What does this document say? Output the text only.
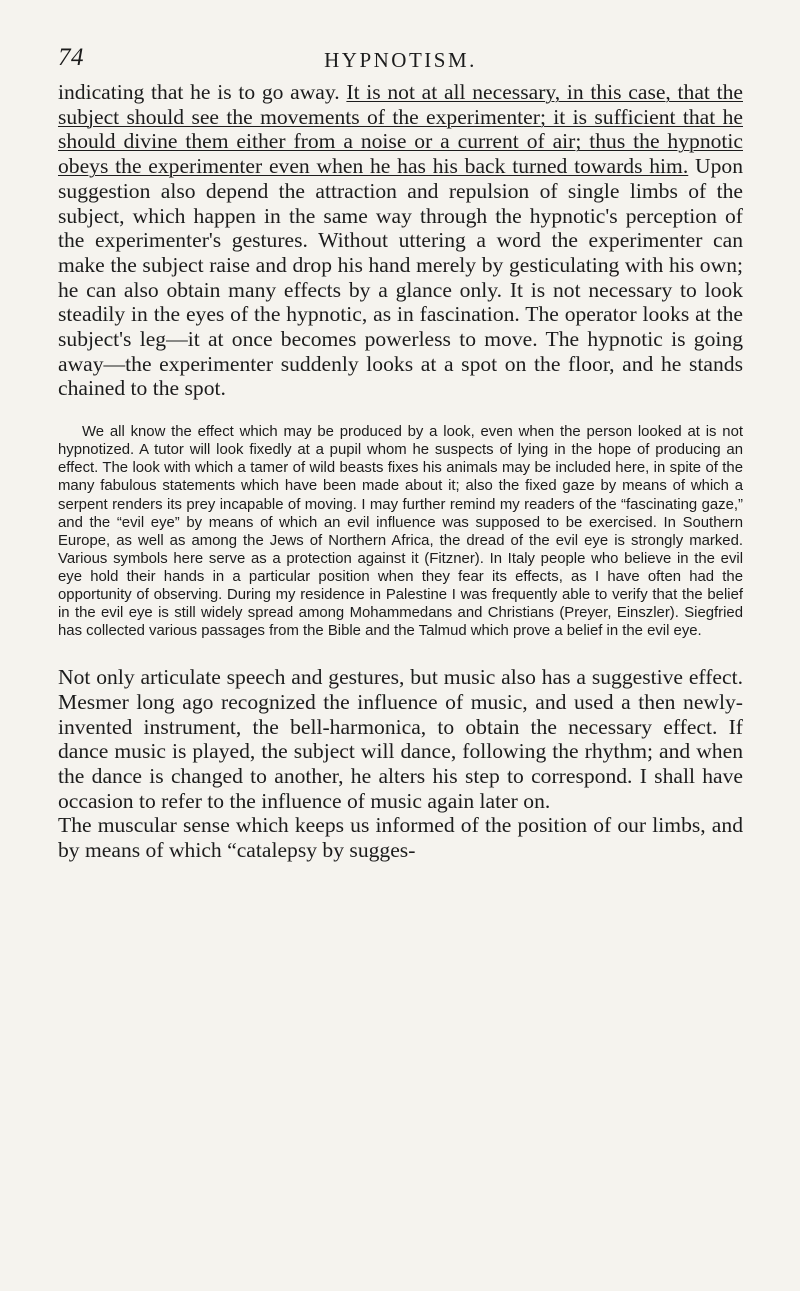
74	HYPNOTISM.

indicating that he is to go away. It is not at all necessary, in this case, that the subject should see the movements of the experimenter; it is sufficient that he should divine them either from a noise or a current of air; thus the hypnotic obeys the experimenter even when he has his back turned towards him. Upon suggestion also depend the attraction and repulsion of single limbs of the subject, which happen in the same way through the hypnotic's perception of the experimenter's gestures. Without uttering a word the experimenter can make the subject raise and drop his hand merely by gesticulating with his own; he can also obtain many effects by a glance only. It is not necessary to look steadily in the eyes of the hypnotic, as in fascination. The operator looks at the subject's leg—it at once becomes powerless to move. The hypnotic is going away—the experimenter suddenly looks at a spot on the floor, and he stands chained to the spot.

We all know the effect which may be produced by a look, even when the person looked at is not hypnotized. A tutor will look fixedly at a pupil whom he suspects of lying in the hope of producing an effect. The look with which a tamer of wild beasts fixes his animals may be included here, in spite of the many fabulous statements which have been made about it; also the fixed gaze by means of which a serpent renders its prey incapable of moving. I may further remind my readers of the “fascinating gaze,” and the “evil eye” by means of which an evil influence was supposed to be exercised. In Southern Europe, as well as among the Jews of Northern Africa, the dread of the evil eye is strongly marked. Various symbols here serve as a protection against it (Fitzner). In Italy people who believe in the evil eye hold their hands in a particular position when they fear its effects, as I have often had the opportunity of observing. During my residence in Palestine I was frequently able to verify that the belief in the evil eye is still widely spread among Mohammedans and Christians (Preyer, Einszler). Siegfried has collected various passages from the Bible and the Talmud which prove a belief in the evil eye.

Not only articulate speech and gestures, but music also has a suggestive effect. Mesmer long ago recognized the influence of music, and used a then newly-invented instrument, the bell-harmonica, to obtain the necessary effect. If dance music is played, the subject will dance, following the rhythm; and when the dance is changed to another, he alters his step to correspond. I shall have occasion to refer to the influence of music again later on.

The muscular sense which keeps us informed of the position of our limbs, and by means of which “catalepsy by sugges-
